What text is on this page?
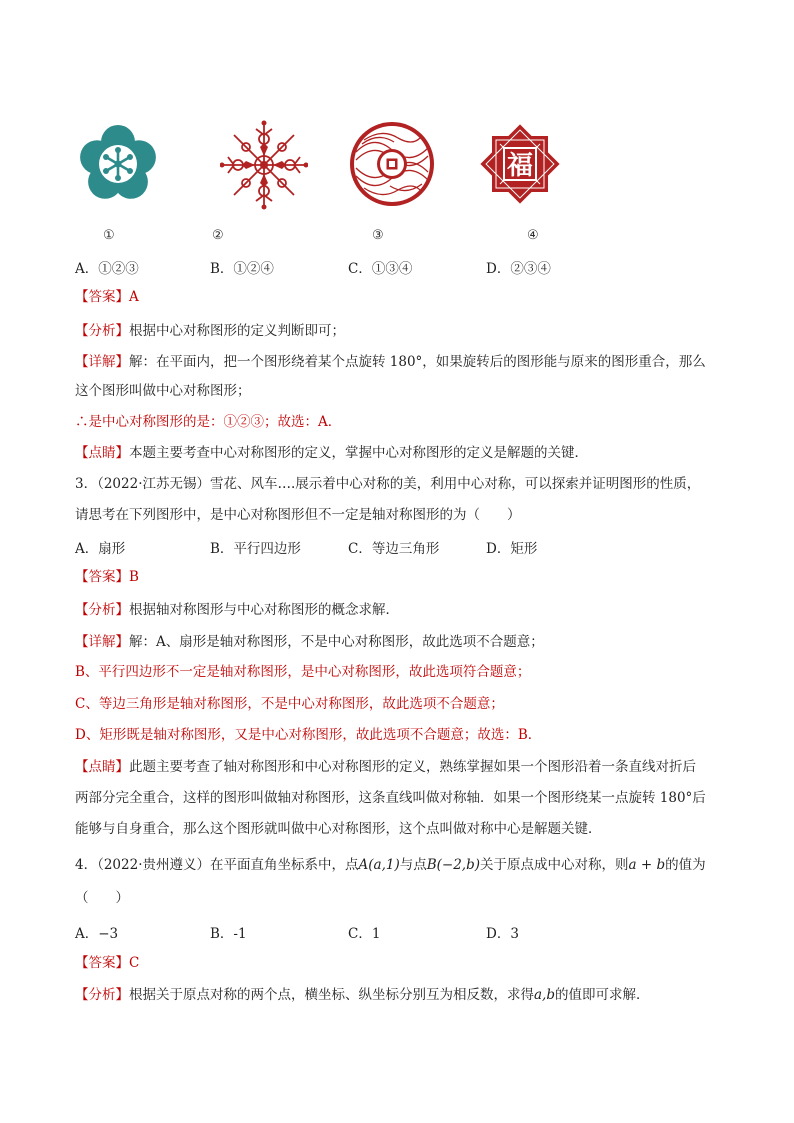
福
①	②	③	④
A．①②③	B．①②④	C．①③④	D．②③④
【答案】A
【分析】根据中心对称图形的定义判断即可；
【详解】解：在平面内，把一个图形绕着某个点旋转 180°，如果旋转后的图形能与原来的图形重合，那么
这个图形叫做中心对称图形；
∴是中心对称图形的是：①②③；故选：A．
【点睛】本题主要考查中心对称图形的定义，掌握中心对称图形的定义是解题的关键．
3．（2022·江苏无锡）雪花、风车….展示着中心对称的美，利用中心对称，可以探索并证明图形的性质，
请思考在下列图形中，是中心对称图形但不一定是轴对称图形的为（　　）
A．扇形	B．平行四边形	C．等边三角形	D．矩形
【答案】B
【分析】根据轴对称图形与中心对称图形的概念求解．
【详解】解：A、扇形是轴对称图形，不是中心对称图形，故此选项不合题意；
B、平行四边形不一定是轴对称图形，是中心对称图形，故此选项符合题意；
C、等边三角形是轴对称图形，不是中心对称图形，故此选项不合题意；
D、矩形既是轴对称图形，又是中心对称图形，故此选项不合题意；故选：B．
【点睛】此题主要考查了轴对称图形和中心对称图形的定义，熟练掌握如果一个图形沿着一条直线对折后
两部分完全重合，这样的图形叫做轴对称图形，这条直线叫做对称轴．如果一个图形绕某一点旋转 180°后
能够与自身重合，那么这个图形就叫做中心对称图形，这个点叫做对称中心是解题关键．
4．（2022·贵州遵义）在平面直角坐标系中，点A(a,1)与点B(−2,b)关于原点成中心对称，则a + b的值为
（　　）
A．−3	B．-1	C．1	D．3
【答案】C
【分析】根据关于原点对称的两个点，横坐标、纵坐标分别互为相反数，求得a,b的值即可求解．
